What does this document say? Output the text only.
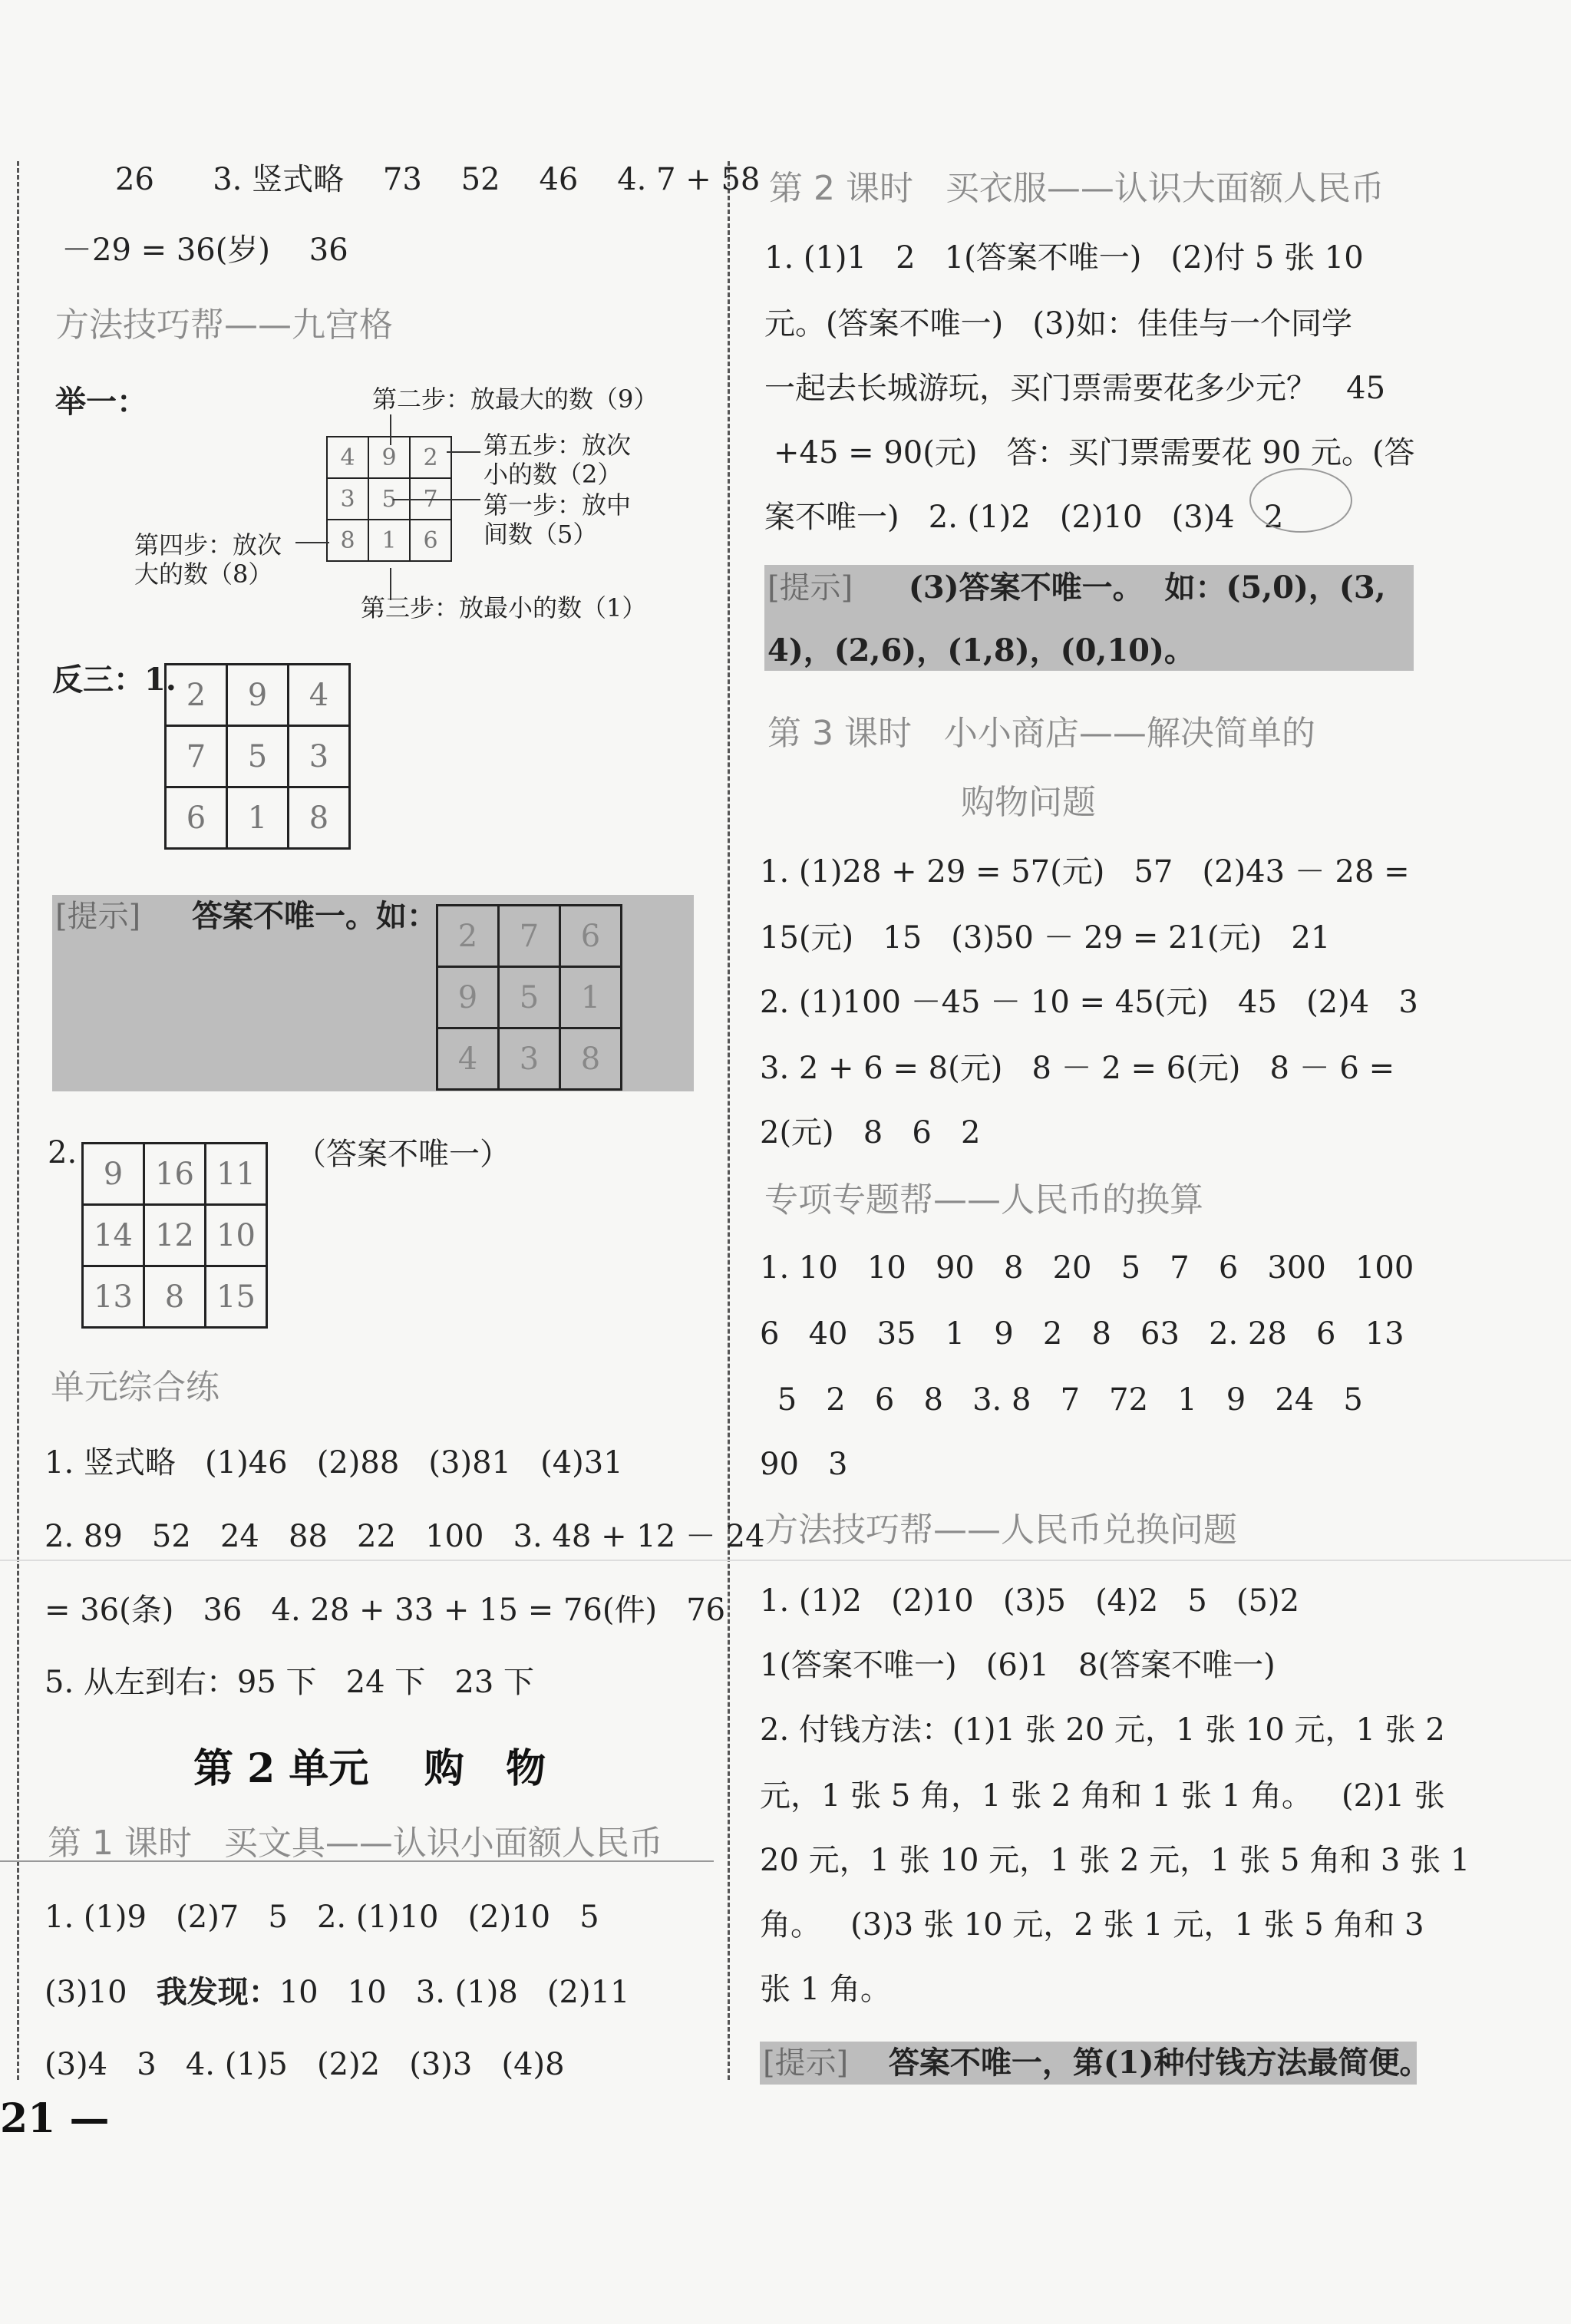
26      3. 竖式略    73    52    46    4. 7 + 58
－29 = 36(岁)    36
方法技巧帮——九宫格
举一：
4	9	2
3	5	7
8	1	6
第二步：放最大的数（9）
第五步：放次
小的数（2）
第一步：放中
间数（5）
第四步：放次
大的数（8）
第三步：放最小的数（1）
反三：1. 2	9	4
7	5	3
6	1	8
[提示] 答案不唯一。如：
2	7	6
9	5	1
4	3	8
2.
9	16	11
14	12	10
13	8	15
（答案不唯一）
单元综合练
1. 竖式略   (1)46   (2)88   (3)81   (4)31
2. 89   52   24   88   22   100   3. 48 + 12 － 24
= 36(条)   36   4. 28 + 33 + 15 = 76(件)   76
5. 从左到右：95 下   24 下   23 下
第 2 单元    购   物
第 1 课时   买文具——认识小面额人民币
1. (1)9   (2)7   5   2. (1)10   (2)10   5
(3)10   我发现：10   10   3. (1)8   (2)11
(3)4   3   4. (1)5   (2)2   (3)3   (4)8
21 —
第 2 课时   买衣服——认识大面额人民币
1. (1)1   2   1(答案不唯一)   (2)付 5 张 10
元。(答案不唯一)   (3)如：佳佳与一个同学
一起去长城游玩，买门票需要花多少元？   45
+45 = 90(元)   答：买门票需要花 90 元。(答
案不唯一)   2. (1)2   (2)10   (3)4   2
[提示] (3)答案不唯一。  如：(5,0)，(3,
4)，(2,6)，(1,8)，(0,10)。
第 3 课时   小小商店——解决简单的
购物问题
1. (1)28 + 29 = 57(元)   57   (2)43 － 28 =
15(元)   15   (3)50 － 29 = 21(元)   21
2. (1)100 －45 － 10 = 45(元)   45   (2)4   3
3. 2 + 6 = 8(元)   8 － 2 = 6(元)   8 － 6 =
2(元)   8   6   2
专项专题帮——人民币的换算
1. 10   10   90   8   20   5   7   6   300   100
6   40   35   1   9   2   8   63   2. 28   6   13
5   2   6   8   3. 8   7   72   1   9   24   5
90   3
方法技巧帮——人民币兑换问题
1. (1)2   (2)10   (3)5   (4)2   5   (5)2
1(答案不唯一)   (6)1   8(答案不唯一)
2. 付钱方法：(1)1 张 20 元，1 张 10 元，1 张 2
元，1 张 5 角，1 张 2 角和 1 张 1 角。   (2)1 张
20 元，1 张 10 元，1 张 2 元，1 张 5 角和 3 张 1
角。   (3)3 张 10 元，2 张 1 元，1 张 5 角和 3
张 1 角。
[提示] 答案不唯一，第(1)种付钱方法最简便。
